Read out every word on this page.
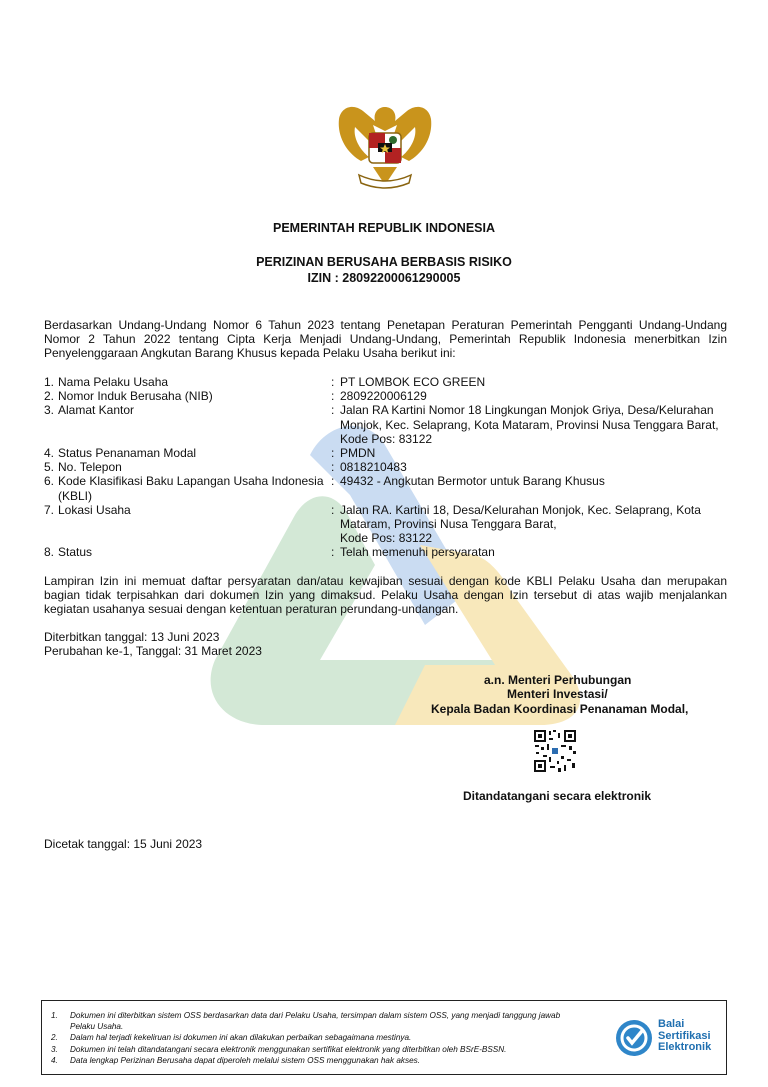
PEMERINTAH REPUBLIK INDONESIA
PERIZINAN BERUSAHA BERBASIS RISIKO
IZIN : 28092200061290005

Berdasarkan Undang-Undang Nomor 6 Tahun 2023 tentang Penetapan Peraturan Pemerintah Pengganti Undang-Undang Nomor 2 Tahun 2022 tentang Cipta Kerja Menjadi Undang-Undang, Pemerintah Republik Indonesia menerbitkan Izin Penyelenggaraan Angkutan Barang Khusus kepada Pelaku Usaha berikut ini:

1. Nama Pelaku Usaha	: PT LOMBOK ECO GREEN
2. Nomor Induk Berusaha (NIB)	: 2809220006129
3. Alamat Kantor	: Jalan RA Kartini Nomor 18 Lingkungan Monjok Griya, Desa/Kelurahan
Monjok, Kec. Selaprang, Kota Mataram, Provinsi Nusa Tenggara Barat,
Kode Pos: 83122
4. Status Penanaman Modal	: PMDN
5. No. Telepon	: 0818210483
6. Kode Klasifikasi Baku Lapangan Usaha Indonesia
(KBLI)
: 49432 - Angkutan Bermotor untuk Barang Khusus
7. Lokasi Usaha	: Jalan RA. Kartini 18, Desa/Kelurahan Monjok, Kec. Selaprang, Kota
Mataram, Provinsi Nusa Tenggara Barat,
Kode Pos: 83122
8. Status	: Telah memenuhi persyaratan

Lampiran Izin ini memuat daftar persyaratan dan/atau kewajiban sesuai dengan kode KBLI Pelaku Usaha dan merupakan bagian tidak terpisahkan dari dokumen Izin yang dimaksud. Pelaku Usaha dengan Izin tersebut di atas wajib menjalankan kegiatan usahanya sesuai dengan ketentuan peraturan perundang-undangan.

Diterbitkan tanggal: 13 Juni 2023
Perubahan ke-1, Tanggal: 31 Maret 2023
a.n. Menteri Perhubungan
Menteri Investasi/
Kepala Badan Koordinasi Penanaman Modal,
Ditandatangani secara elektronik
Dicetak tanggal: 15 Juni 2023
1.	Dokumen ini diterbitkan sistem OSS berdasarkan data dari Pelaku Usaha, tersimpan dalam sistem OSS, yang menjadi tanggung jawab
Pelaku Usaha.
2.	Dalam hal terjadi kekeliruan isi dokumen ini akan dilakukan perbaikan sebagaimana mestinya.
3.	Dokumen ini telah ditandatangani secara elektronik menggunakan sertifikat elektronik yang diterbitkan oleh BSrE-BSSN.
4.	Data lengkap Perizinan Berusaha dapat diperoleh melalui sistem OSS menggunakan hak akses.
Balai
Sertifikasi
Elektronik
